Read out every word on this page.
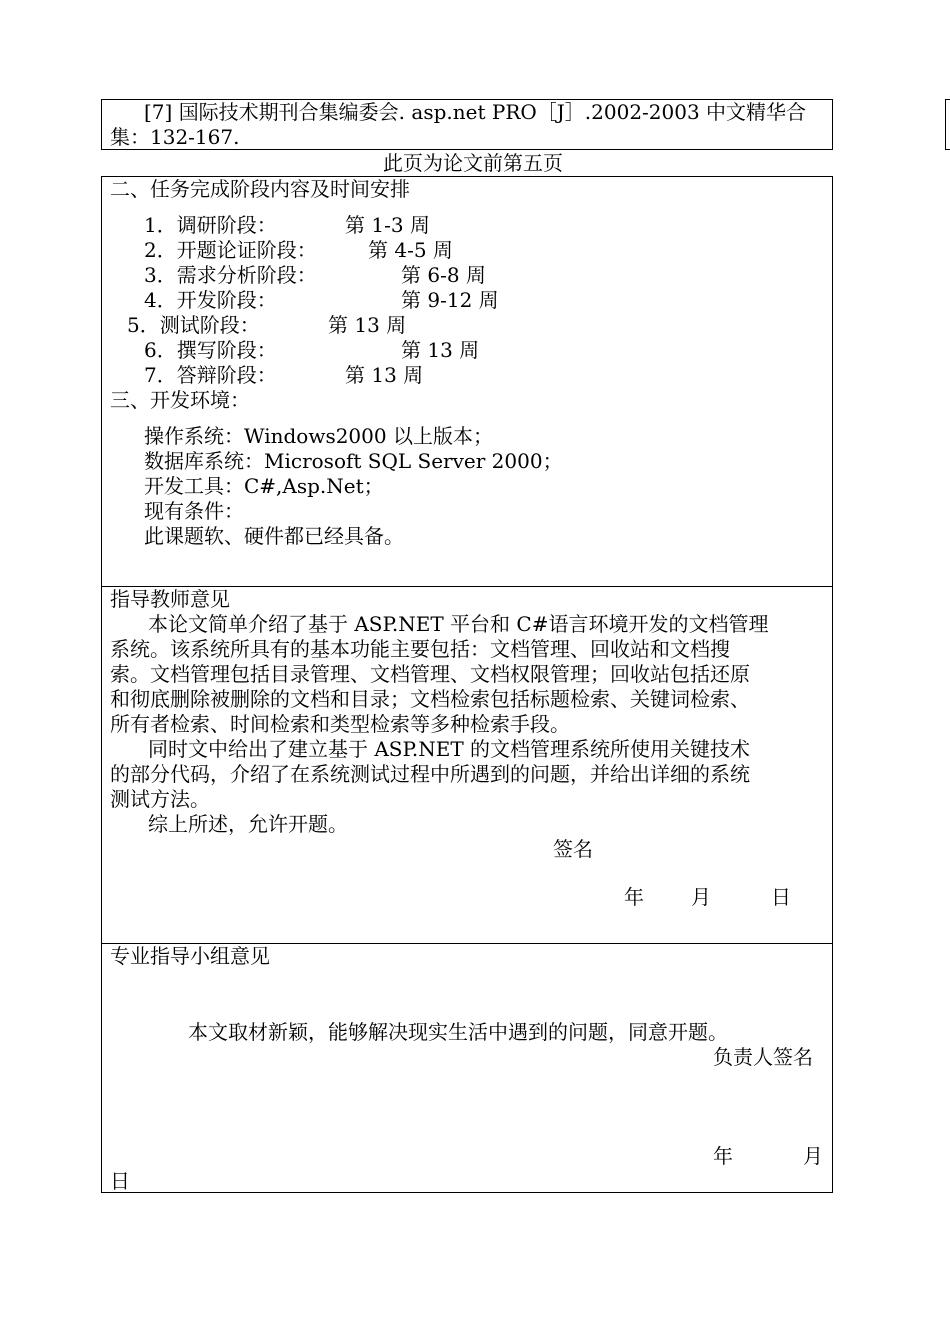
[7] 国际技术期刊合集编委会. asp.net PRO［J］.2002-2003 中文精华合
集：132-167.
此页为论文前第五页
二、任务完成阶段内容及时间安排
1．调研阶段：	第 1-3 周
2．开题论证阶段：	第 4-5 周
3．需求分析阶段：	第 6-8 周
4．开发阶段：	第 9-12 周
5．测试阶段：	第 13 周
6．撰写阶段：	第 13 周
7．答辩阶段：	第 13 周
三、开发环境：
操作系统：Windows2000 以上版本；
数据库系统：Microsoft SQL Server 2000；
开发工具：C#,Asp.Net；
现有条件：
此课题软、硬件都已经具备。
指导教师意见
本论文简单介绍了基于 ASP.NET 平台和 C#语言环境开发的文档管理
系统。该系统所具有的基本功能主要包括：文档管理、回收站和文档搜
索。文档管理包括目录管理、文档管理、文档权限管理；回收站包括还原
和彻底删除被删除的文档和目录；文档检索包括标题检索、关键词检索、
所有者检索、时间检索和类型检索等多种检索手段。
同时文中给出了建立基于 ASP.NET 的文档管理系统所使用关键技术
的部分代码，介绍了在系统测试过程中所遇到的问题，并给出详细的系统
测试方法。
综上所述，允许开题。
签名
年 月	日
专业指导小组意见
本文取材新颖，能够解决现实生活中遇到的问题，同意开题。
负责人签名
年	月
日
